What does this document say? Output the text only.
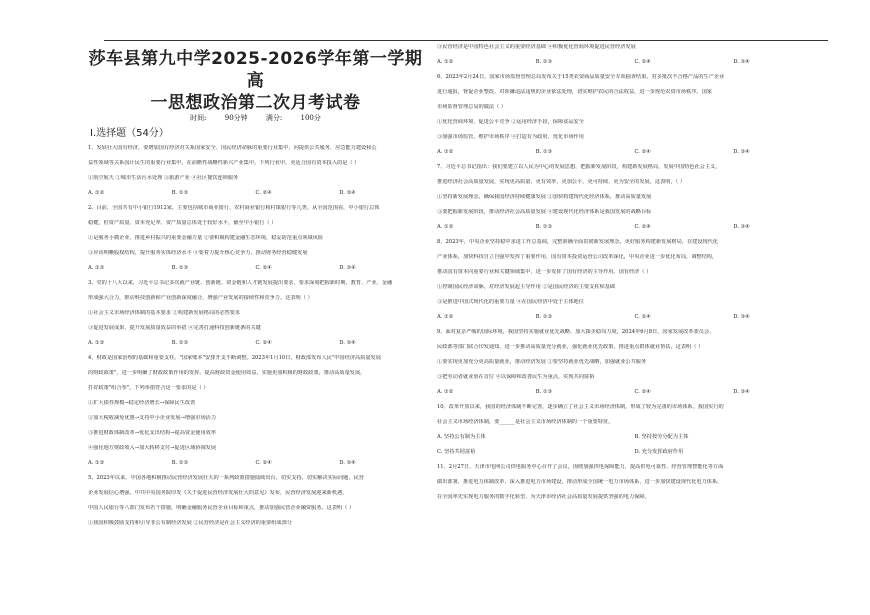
莎车县第九中学2025-2026学年第一学期高
一思想政治第二次月考试卷
时间:	90分钟	满分:	100分
Ⅰ.选择题（54分）
1、发展壮大国有经济，要增加国有经济对关系国家安全、国民经济命脉的重要行业集中，向提供公共服务、应急能力建设和公
益性领域等关系国计民生的重要行业集中，在前瞻性战略性新兴产业集中。下列行业中，更适合国有资本投入的是（ ）
①航空航天 ②城市生活污水处理 ③旅游产业 ④社区餐饮连锁服务
A. ①②	B. ①③	C. ②④	D. ③④
2、目前，全国共有中小银行1912家，主要包括城市商业银行、农村商业银行和村镇银行等几类。从全国范围看，中小银行总体
稳健，但资产质量、资本充足率、资产质量总体处于较好水平，截至中小银行（ ）
①是服务小微企业、推进乡村振兴的重要金融力量 ②要积极构建金融生态环境，稳妥防范重点领域风险
③应该明晰股权结构，提升服务实体经济水平 ④要着力提升核心竞争力，推动财务经营稳健发展
A. ①②	B. ①③	C. ②④	D. ③④
3、党的十八大以来，习近平总书记多次就产业链、创新链、资金链和人才链发展提出要求，要求深刻把握新时期，教育、产业、金融
形成强大合力，推动科技创新和产业创新深度融合，增强产业发展的接续性和竞争力。这表明（ ）
①社会主义市场经济体制的基本要求 ②构建新发展格局的必然要求
③促进发展成果、提升发展质量效益的举措 ④完善打通科技创新链条的关键
A. ①②	B. ①③	C. ②④	D. ③④
4、财政是国家治理的基础和重要支柱。"国家账本"安排开支不断调整。2023年1月10日，财政部发布人民"中国经济高质量发展
的财政政策"，进一步明确了财政政策作用的发挥。提高财政资金使用效益，实施更加积极的财政政策，推动高质量发展，
打好政策"组合拳"。下列举措符合这一要求的是（ ）
①扩大债券规模→稳定经济增长→保障民生改善
②加大税收减免优惠→支持中小企业发展→增强市场活力
③推进财政体制改革→优化支出结构→提高资金使用效率
④强化地方财政收入→加大转移支付→促进区域协调发展
A. ①②	B. ①③	C. ②④	D. ③④
5、2023年以来，中国各地积极推动民营经济发展壮大的一系列政策措施陆续出台，切实支持、切实解决实际问题，民营
企业发展信心增强，中共中央国务院印发《关于促进民营经济发展壮大的意见》发布，民营经济发展迎来新机遇，
中国人民银行等八部门发布若干措施，明确金融服务民营企业目标和重点，推动加强民营企业融资服务。这表明（ ）
①我国积极鼓励支持和引导非公有制经济发展 ②民营经济是社会主义经济的重要组成部分
③民营经济是中国特色社会主义的重要经济基础 ④积极优化营商环境促进民营经济发展
A. ①②	B. ①③	C. ②④	D. ③④
6、2023年2月24日，国家市场监督管理总局发布关于15类农资商品质量安全专项抽查结果，对多批次不合格产品的生产企业
进行通报，督促企业整改，对涉嫌违法违规的企业依法处理，切实维护农民的合法权益，进一步规范农资市场秩序。国家
市场监督管理总局的做法（ ）
①优化营商环境，促进公平竞争 ②运用经济手段，保障食品安全
③加强市场监管，维护市场秩序 ④打造有为政府，优化市场作用
A. ①②	B. ①③	C. ②④	D. ③④
7、习近平总书记指出：我们要建立以人民为中心的发展思想，把握新发展阶段，构建新发展格局，发展中国特色社会主义，
推进经济社会高质量发展，实现更高质量、更有效率、更加公平、更可持续、更为安全的发展，这表明，（ ）
①坚持新发展理念，确保我国经济持续健康发展 ②加快构建现代化经济体系，推动高质量发展
③要把握新发展阶段，推动经济社会高质量发展 ④建设现代化经济体系是我国发展的战略目标
A. ①②	B. ①③	C. ②④	D. ③④
8、2023年，中央企业坚持稳中求进工作总基调，完整准确全面贯彻新发展理念，更好服务构建新发展格局，在建设现代化
产业体系，加快科技自立自强中发挥了重要作用，国有资本投资运营公司改革深化，中央企业进一步优化布局，调整结构，
推动国有资本向重要行业和关键领域集中，进一步发挥了国有经济的主导作用。国有经济（ ）
①控制国民经济命脉，对经济发展起主导作用 ②是国民经济的主要支柱和基础
③是推进中国式现代化的重要力量 ④在国民经济中处于主体地位
A. ①②	B. ①③	C. ②④	D. ③④
9、面对复杂严峻的国际环境，我国坚持实施就业优先战略，加大援企稳岗力度，2024年6月8日，国家发展改革委员会、
民政部等部门联合印发通知，进一步推动高质量充分就业，强化就业优先政策，推进重点群体就业帮扶，这表明（ ）
①要实现更加充分更高质量就业，推动经济发展 ②要坚持就业优先战略，加强就业公共服务
③把劳动者就业放在首位 ④以保障和改善民生为重点，实现共同富裕
A. ①②	B. ①③	C. ②④	D. ③④
10、改革开放以来，我国的经济体制不断完善，逐步确立了社会主义市场经济体制，形成了较为完备的市场体系。我国实行的
社会主义市场经济体制，要______是社会主义市场经济体制的一个重要特征。
A. 坚持公有制为主体	B. 坚持按劳分配为主体
C. 坚持共同富裕	D. 充分发挥政府作用
11、2月27日，天津市电网公司供电服务中心召开了会议，围绕加强供电保障能力，提高供电可靠性、经营管理智能化等方面
做出部署，推进电力体制改革，深入推进电力市场建设，推动形成全国统一电力市场体系，进一步加快建设现代化电力体系，
在全国率先实现电力服务的数字化转型，为天津市经济社会高质量发展提供坚强的电力保障。
